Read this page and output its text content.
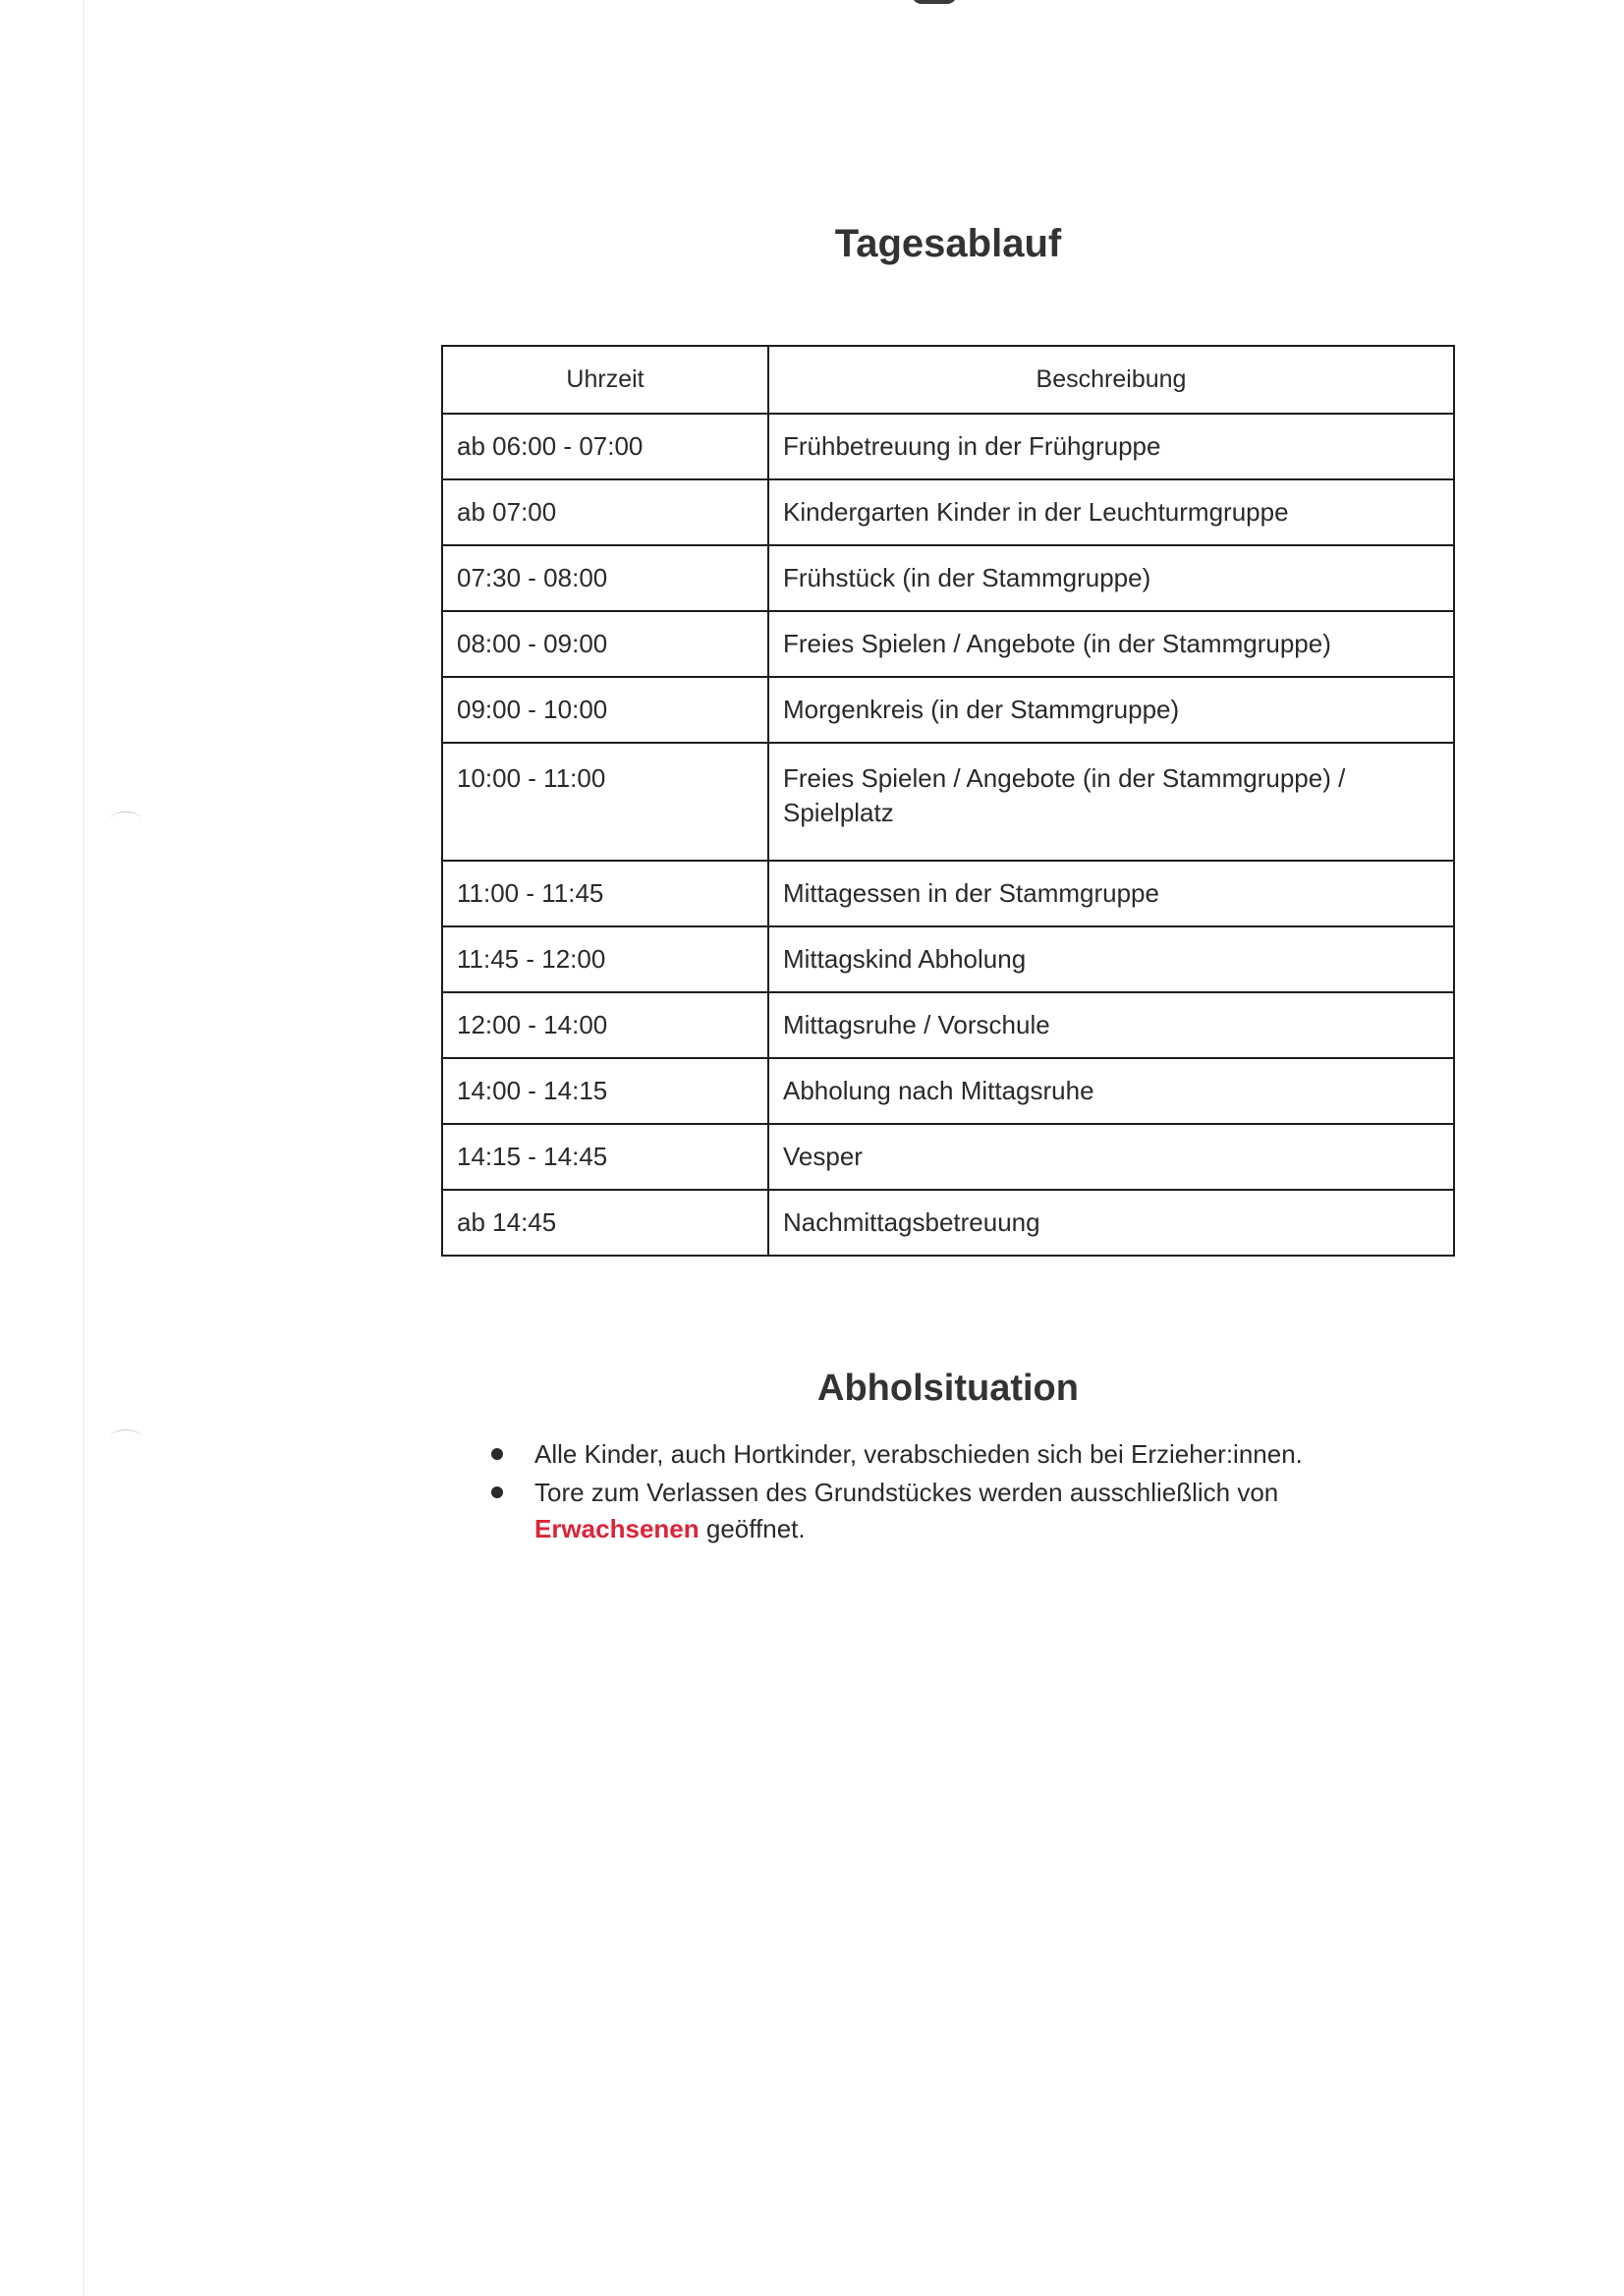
Tagesablauf
Uhrzeit	Beschreibung
ab 06:00 - 07:00	Frühbetreuung in der Frühgruppe
ab 07:00	Kindergarten Kinder in der Leuchturmgruppe
07:30 - 08:00	Frühstück (in der Stammgruppe)
08:00 - 09:00	Freies Spielen / Angebote (in der Stammgruppe)
09:00 - 10:00	Morgenkreis (in der Stammgruppe)
10:00 - 11:00	Freies Spielen / Angebote (in der Stammgruppe) / Spielplatz
11:00 - 11:45	Mittagessen in der Stammgruppe
11:45 - 12:00	Mittagskind Abholung
12:00 - 14:00	Mittagsruhe / Vorschule
14:00 - 14:15	Abholung nach Mittagsruhe
14:15 - 14:45	Vesper
ab 14:45	Nachmittagsbetreuung
Abholsituation
Alle Kinder, auch Hortkinder, verabschieden sich bei Erzieher:innen.
Tore zum Verlassen des Grundstückes werden ausschließlich von
Erwachsenen geöffnet.
